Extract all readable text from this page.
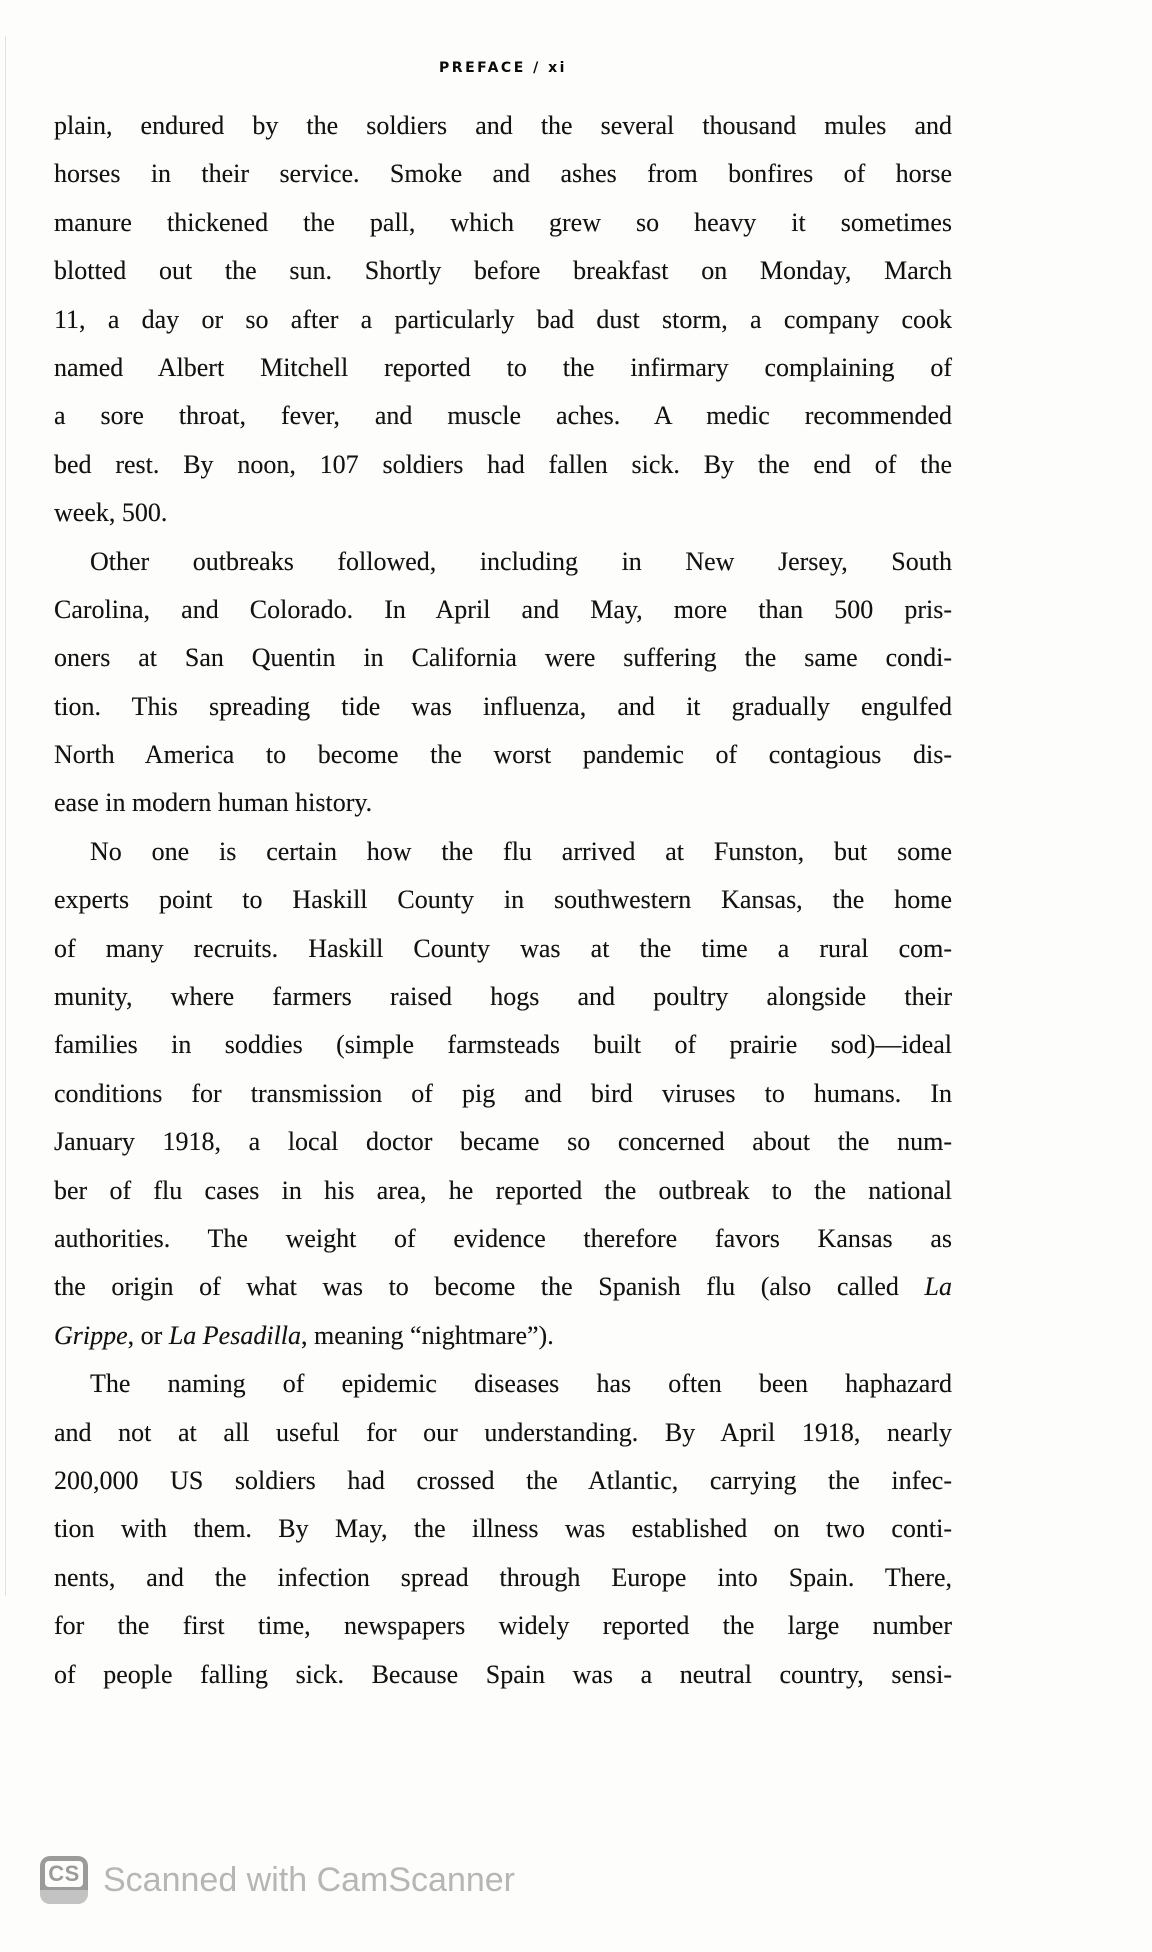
PREFACE / xi
plain, endured by the soldiers and the several thousand mules and
horses in their service. Smoke and ashes from bonfires of horse
manure thickened the pall, which grew so heavy it sometimes
blotted out the sun. Shortly before breakfast on Monday, March
11, a day or so after a particularly bad dust storm, a company cook
named Albert Mitchell reported to the infirmary complaining of
a sore throat, fever, and muscle aches. A medic recommended
bed rest. By noon, 107 soldiers had fallen sick. By the end of the
week, 500.
Other outbreaks followed, including in New Jersey, South
Carolina, and Colorado. In April and May, more than 500 pris-
oners at San Quentin in California were suffering the same condi-
tion. This spreading tide was influenza, and it gradually engulfed
North America to become the worst pandemic of contagious dis-
ease in modern human history.
No one is certain how the flu arrived at Funston, but some
experts point to Haskill County in southwestern Kansas, the home
of many recruits. Haskill County was at the time a rural com-
munity, where farmers raised hogs and poultry alongside their
families in soddies (simple farmsteads built of prairie sod)—ideal
conditions for transmission of pig and bird viruses to humans. In
January 1918, a local doctor became so concerned about the num-
ber of flu cases in his area, he reported the outbreak to the national
authorities. The weight of evidence therefore favors Kansas as
the origin of what was to become the Spanish flu (also called La
Grippe, or La Pesadilla, meaning “nightmare”).
The naming of epidemic diseases has often been haphazard
and not at all useful for our understanding. By April 1918, nearly
200,000 US soldiers had crossed the Atlantic, carrying the infec-
tion with them. By May, the illness was established on two conti-
nents, and the infection spread through Europe into Spain. There,
for the first time, newspapers widely reported the large number
of people falling sick. Because Spain was a neutral country, sensi-
CS Scanned with CamScanner
